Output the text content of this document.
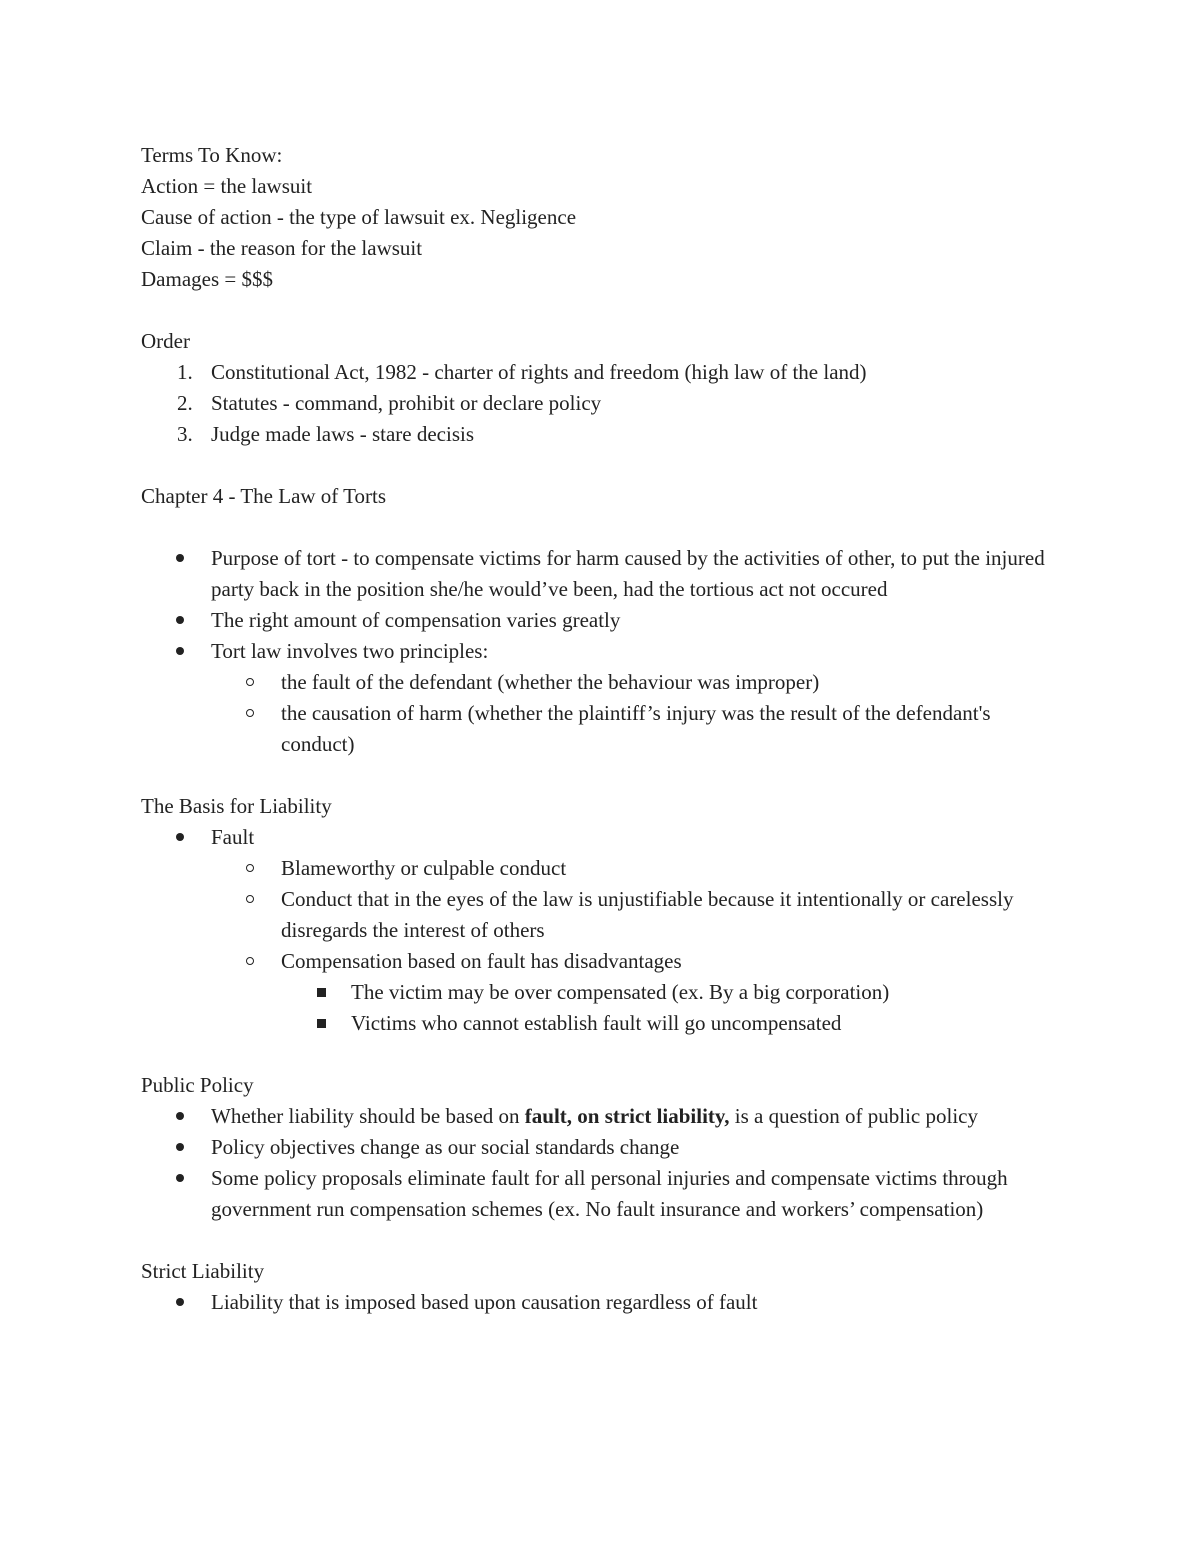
Terms To Know:
Action = the lawsuit
Cause of action - the type of lawsuit ex. Negligence
Claim - the reason for the lawsuit
Damages = $$$
Order
1. Constitutional Act, 1982 - charter of rights and freedom (high law of the land)
2. Statutes - command, prohibit or declare policy
3. Judge made laws - stare decisis
Chapter 4 - The Law of Torts
Purpose of tort - to compensate victims for harm caused by the activities of other, to put the injured party back in the position she/he would’ve been, had the tortious act not occured
The right amount of compensation varies greatly
Tort law involves two principles:
the fault of the defendant (whether the behaviour was improper)
the causation of harm (whether the plaintiff’s injury was the result of the defendant's conduct)
The Basis for Liability
Fault
Blameworthy or culpable conduct
Conduct that in the eyes of the law is unjustifiable because it intentionally or carelessly disregards the interest of others
Compensation based on fault has disadvantages
The victim may be over compensated (ex. By a big corporation)
Victims who cannot establish fault will go uncompensated
Public Policy
Whether liability should be based on fault, on strict liability, is a question of public policy
Policy objectives change as our social standards change
Some policy proposals eliminate fault for all personal injuries and compensate victims through government run compensation schemes (ex. No fault insurance and workers’ compensation)
Strict Liability
Liability that is imposed based upon causation regardless of fault
